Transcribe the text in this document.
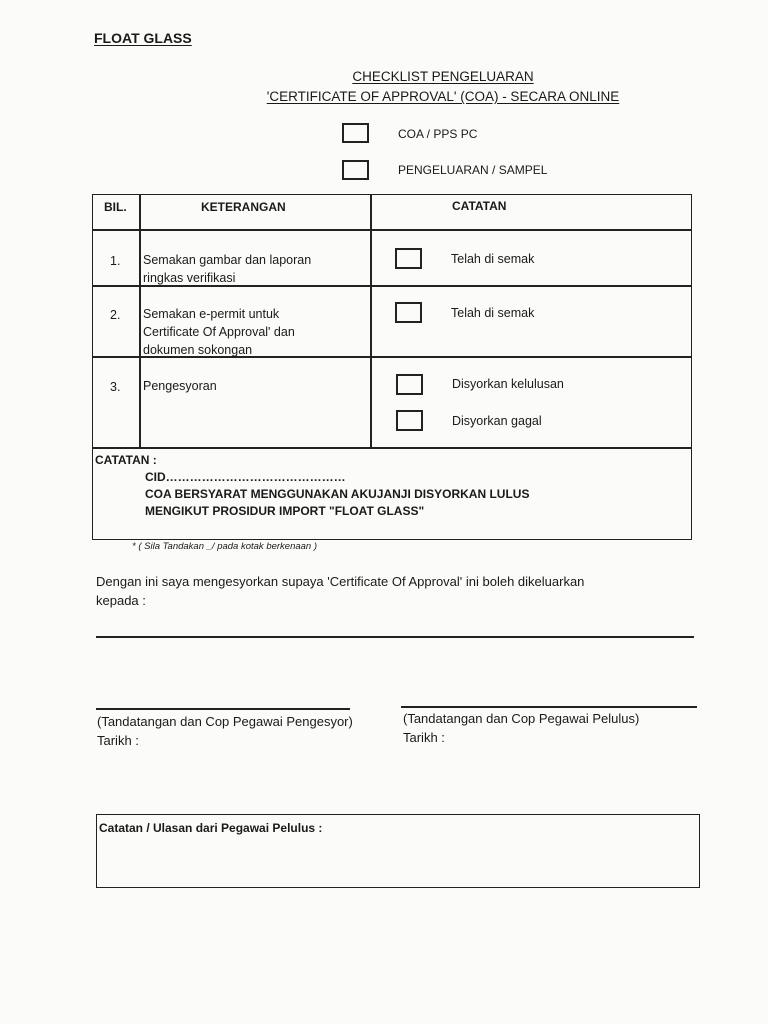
FLOAT GLASS
CHECKLIST PENGELUARAN
'CERTIFICATE OF APPROVAL' (COA) - SECARA ONLINE
COA / PPS PC
PENGELUARAN / SAMPEL
BIL.	KETERANGAN	CATATAN
1. Semakan gambar dan laporan
ringkas verifikasi
Telah di semak
2. Semakan e-permit untuk
Certificate Of Approval' dan
dokumen sokongan
Telah di semak
3. Pengesyoran	Disyorkan kelulusan
Disyorkan gagal
CATATAN :
CID………………………………………
COA BERSYARAT MENGGUNAKAN AKUJANJI DISYORKAN LULUS
MENGIKUT PROSIDUR IMPORT "FLOAT GLASS"
* ( Sila Tandakan _/ pada kotak berkenaan )
Dengan ini saya mengesyorkan supaya 'Certificate Of Approval' ini boleh dikeluarkan
kepada :
(Tandatangan dan Cop Pegawai Pengesyor)
Tarikh :
(Tandatangan dan Cop Pegawai Pelulus)
Tarikh :
Catatan / Ulasan dari Pegawai Pelulus :
